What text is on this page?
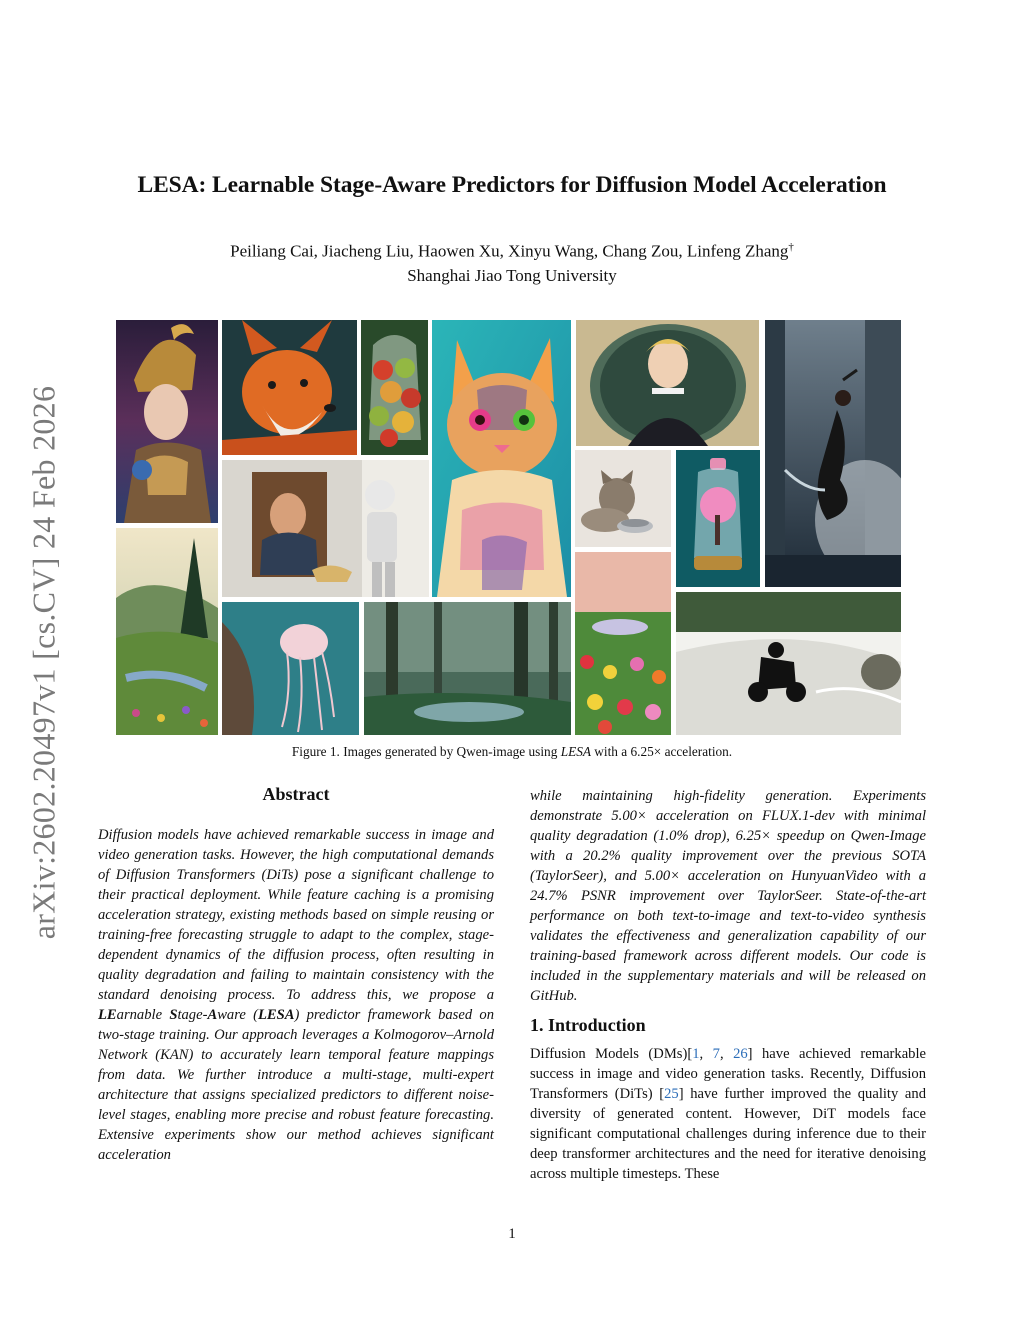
arXiv:2602.20497v1 [cs.CV] 24 Feb 2026
LESA: Learnable Stage-Aware Predictors for Diffusion Model Acceleration
Peiliang Cai, Jiacheng Liu, Haowen Xu, Xinyu Wang, Chang Zou, Linfeng Zhang†
Shanghai Jiao Tong University
Figure 1. Images generated by Qwen-image using LESA with a 6.25× acceleration.
Abstract
Diffusion models have achieved remarkable success in image and video generation tasks. However, the high computational demands of Diffusion Transformers (DiTs) pose a significant challenge to their practical deployment. While feature caching is a promising acceleration strategy, existing methods based on simple reusing or training-free forecasting struggle to adapt to the complex, stage-dependent dynamics of the diffusion process, often resulting in quality degradation and failing to maintain consistency with the standard denoising process. To address this, we propose a LEarnable Stage-Aware (LESA) predictor framework based on two-stage training. Our approach leverages a Kolmogorov–Arnold Network (KAN) to accurately learn temporal feature mappings from data. We further introduce a multi-stage, multi-expert architecture that assigns specialized predictors to different noise-level stages, enabling more precise and robust feature forecasting. Extensive experiments show our method achieves significant acceleration
while maintaining high-fidelity generation. Experiments demonstrate 5.00× acceleration on FLUX.1-dev with minimal quality degradation (1.0% drop), 6.25× speedup on Qwen-Image with a 20.2% quality improvement over the previous SOTA (TaylorSeer), and 5.00× acceleration on HunyuanVideo with a 24.7% PSNR improvement over TaylorSeer. State-of-the-art performance on both text-to-image and text-to-video synthesis validates the effectiveness and generalization capability of our training-based framework across different models. Our code is included in the supplementary materials and will be released on GitHub.
1. Introduction
Diffusion Models (DMs)[1, 7, 26] have achieved remarkable success in image and video generation tasks. Recently, Diffusion Transformers (DiTs) [25] have further improved the quality and diversity of generated content. However, DiT models face significant computational challenges during inference due to their deep transformer architectures and the need for iterative denoising across multiple timesteps. These
1
